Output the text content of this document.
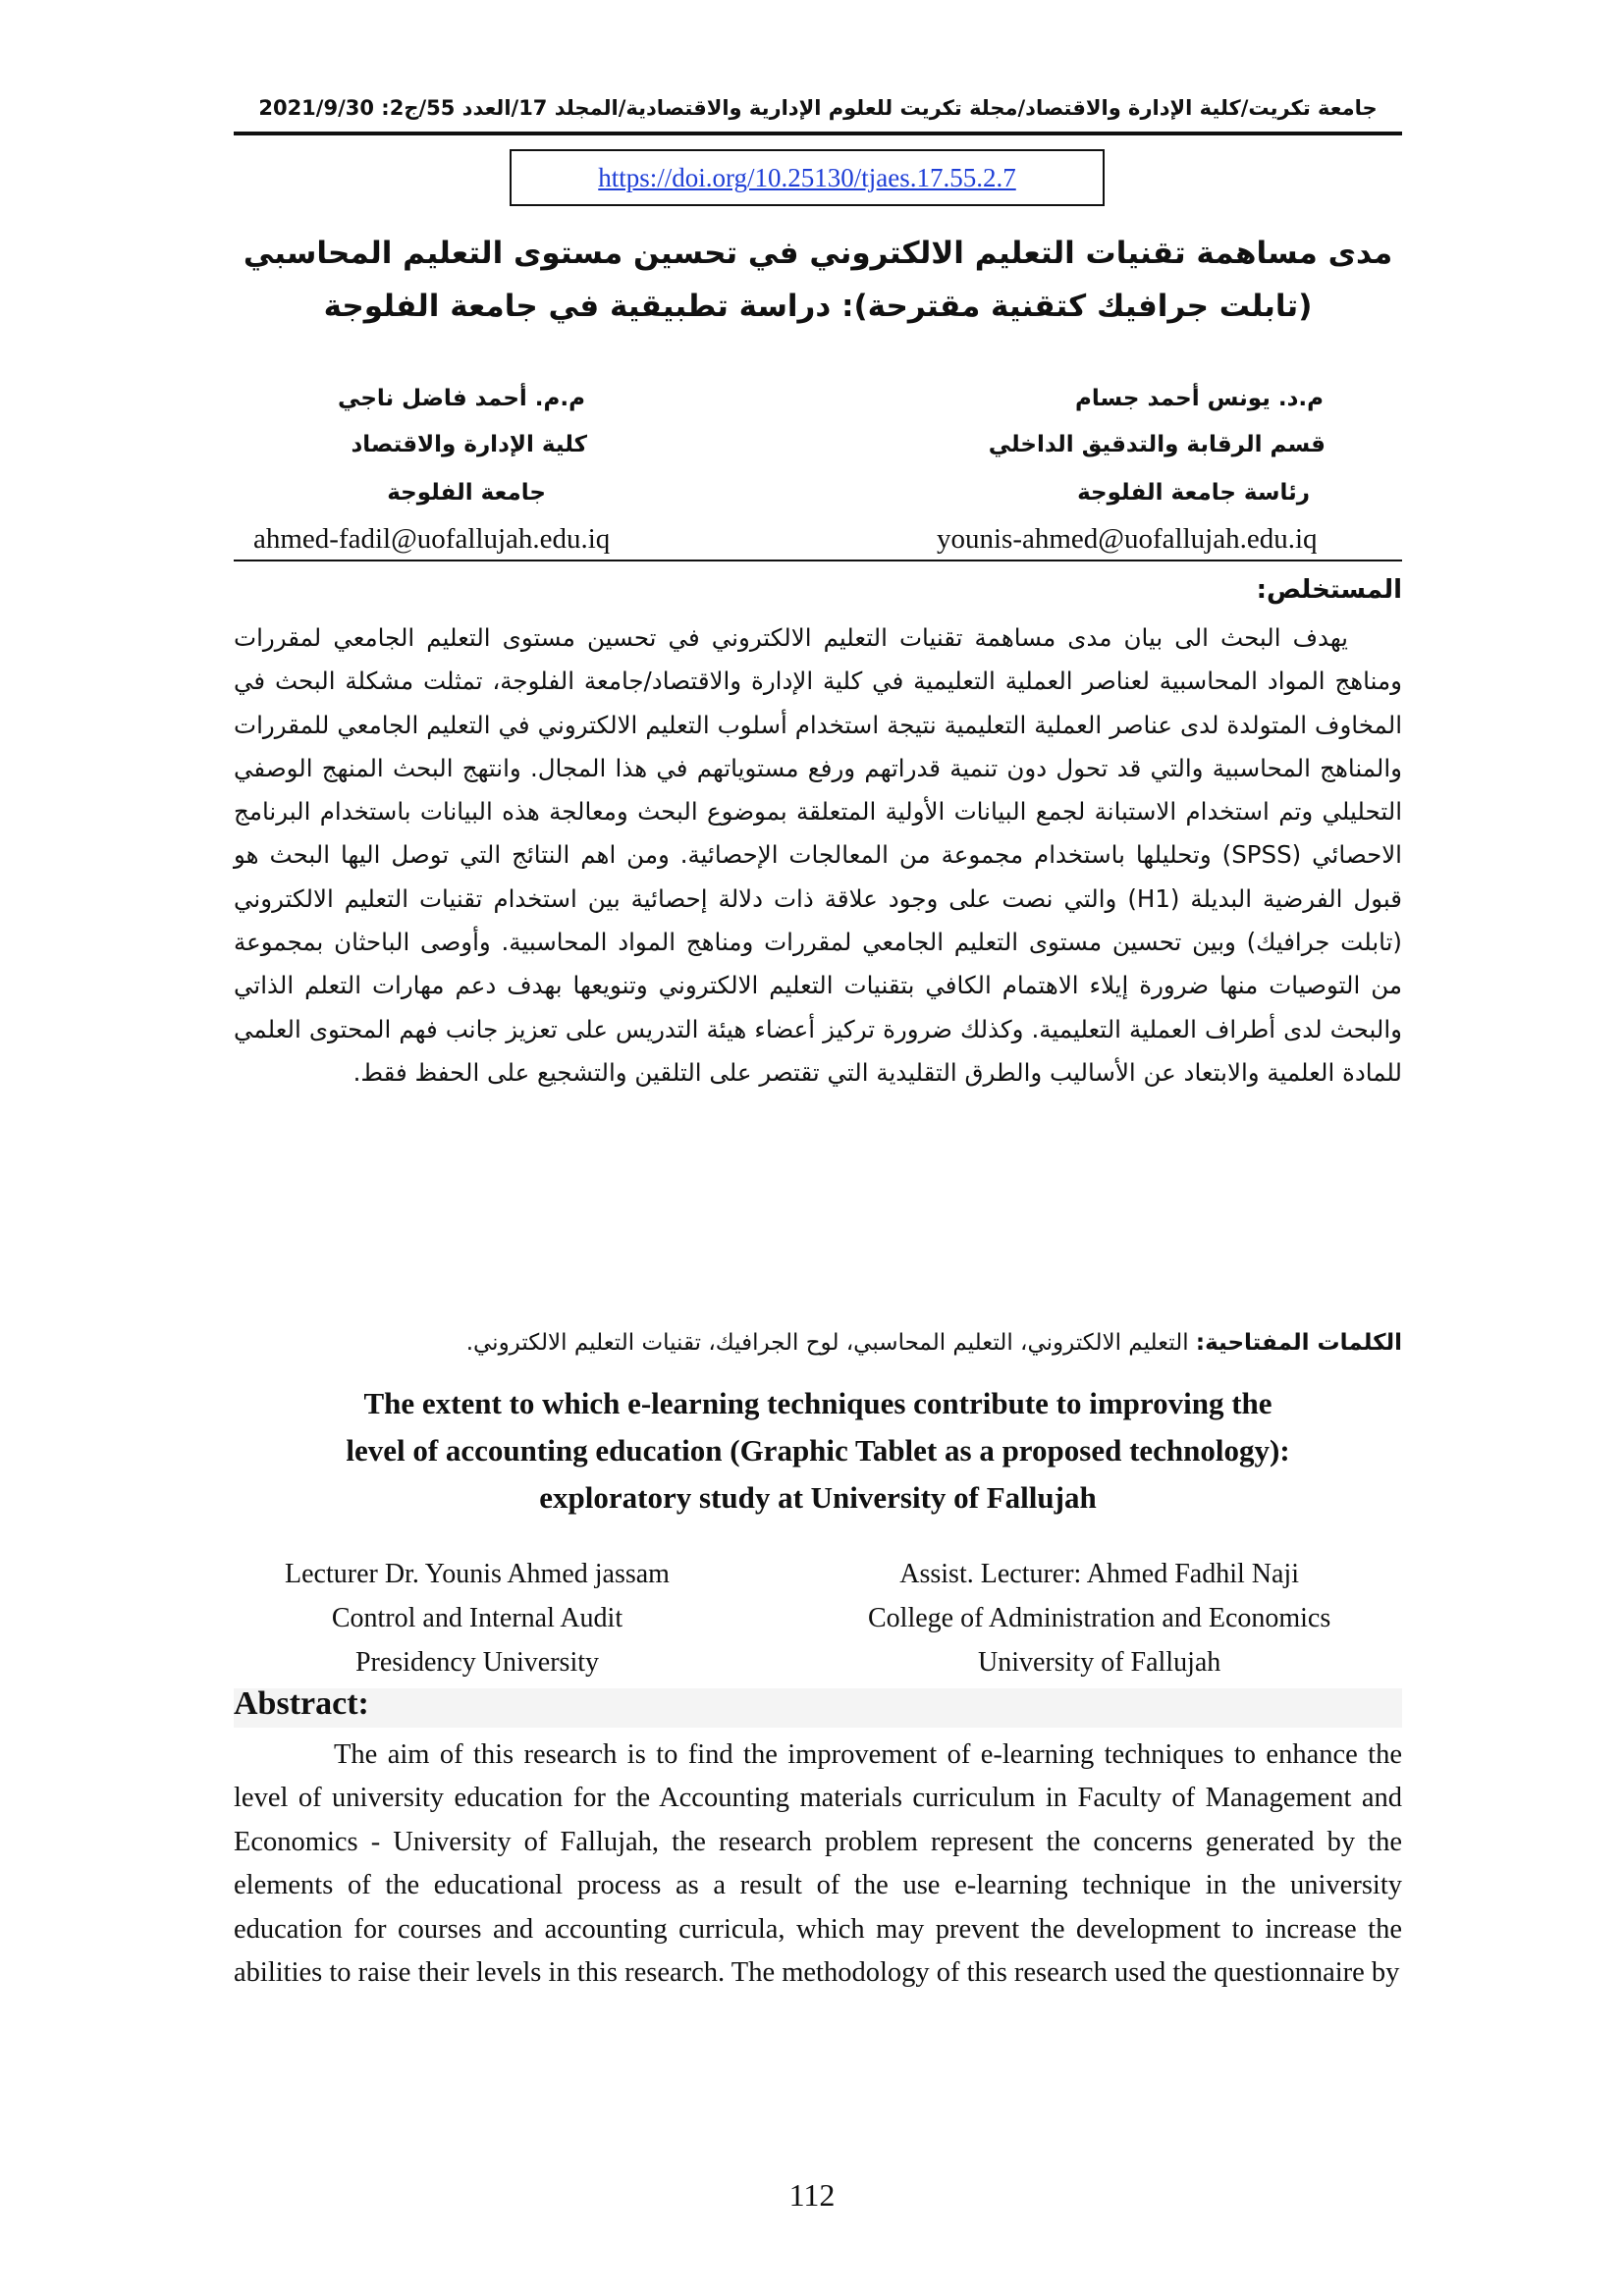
جامعة تكريت/كلية الإدارة والاقتصاد/مجلة تكريت للعلوم الإدارية والاقتصادية/المجلد 17/العدد 55/ج2: 2021/9/30
https://doi.org/10.25130/tjaes.17.55.2.7
مدى مساهمة تقنيات التعليم الالكتروني في تحسين مستوى التعليم المحاسبي
(تابلت جرافيك كتقنية مقترحة): دراسة تطبيقية في جامعة الفلوجة
م.د. يونس أحمد جسام
قسم الرقابة والتدقيق الداخلي
رئاسة جامعة الفلوجة
younis-ahmed@uofallujah.edu.iq
م.م. أحمد فاضل ناجي
كلية الإدارة والاقتصاد
جامعة الفلوجة
ahmed-fadil@uofallujah.edu.iq
المستخلص:

يهدف البحث الى بيان مدى مساهمة تقنيات التعليم الالكتروني في تحسين مستوى التعليم الجامعي لمقررات ومناهج المواد المحاسبية لعناصر العملية التعليمية في كلية الإدارة والاقتصاد/جامعة الفلوجة، تمثلت مشكلة البحث في المخاوف المتولدة لدى عناصر العملية التعليمية نتيجة استخدام أسلوب التعليم الالكتروني في التعليم الجامعي للمقررات والمناهج المحاسبية والتي قد تحول دون تنمية قدراتهم ورفع مستوياتهم في هذا المجال. وانتهج البحث المنهج الوصفي التحليلي وتم استخدام الاستبانة لجمع البيانات الأولية المتعلقة بموضوع البحث ومعالجة هذه البيانات باستخدام البرنامج الاحصائي (SPSS) وتحليلها باستخدام مجموعة من المعالجات الإحصائية. ومن اهم النتائج التي توصل اليها البحث هو قبول الفرضية البديلة (H1) والتي نصت على وجود علاقة ذات دلالة إحصائية بين استخدام تقنيات التعليم الالكتروني (تابلت جرافيك) وبين تحسين مستوى التعليم الجامعي لمقررات ومناهج المواد المحاسبية. وأوصى الباحثان بمجموعة من التوصيات منها ضرورة إيلاء الاهتمام الكافي بتقنيات التعليم الالكتروني وتنويعها بهدف دعم مهارات التعلم الذاتي والبحث لدى أطراف العملية التعليمية. وكذلك ضرورة تركيز أعضاء هيئة التدريس على تعزيز جانب فهم المحتوى العلمي للمادة العلمية والابتعاد عن الأساليب والطرق التقليدية التي تقتصر على التلقين والتشجيع على الحفظ فقط.

الكلمات المفتاحية: التعليم الالكتروني، التعليم المحاسبي، لوح الجرافيك، تقنيات التعليم الالكتروني.
The extent to which e-learning techniques contribute to improving the
level of accounting education (Graphic Tablet as a proposed technology):
exploratory study at University of Fallujah
Lecturer Dr. Younis Ahmed jassam
Control and Internal Audit
Presidency University
Assist. Lecturer: Ahmed Fadhil Naji
College of Administration and Economics
University of Fallujah
Abstract:
The aim of this research is to find the improvement of e-learning techniques to enhance the level of university education for the Accounting materials curriculum in Faculty of Management and Economics - University of Fallujah, the research problem represent the concerns generated by the elements of the educational process as a result of the use e-learning technique in the university education for courses and accounting curricula, which may prevent the development to increase the abilities to raise their levels in this research. The methodology of this research used the questionnaire by
112
